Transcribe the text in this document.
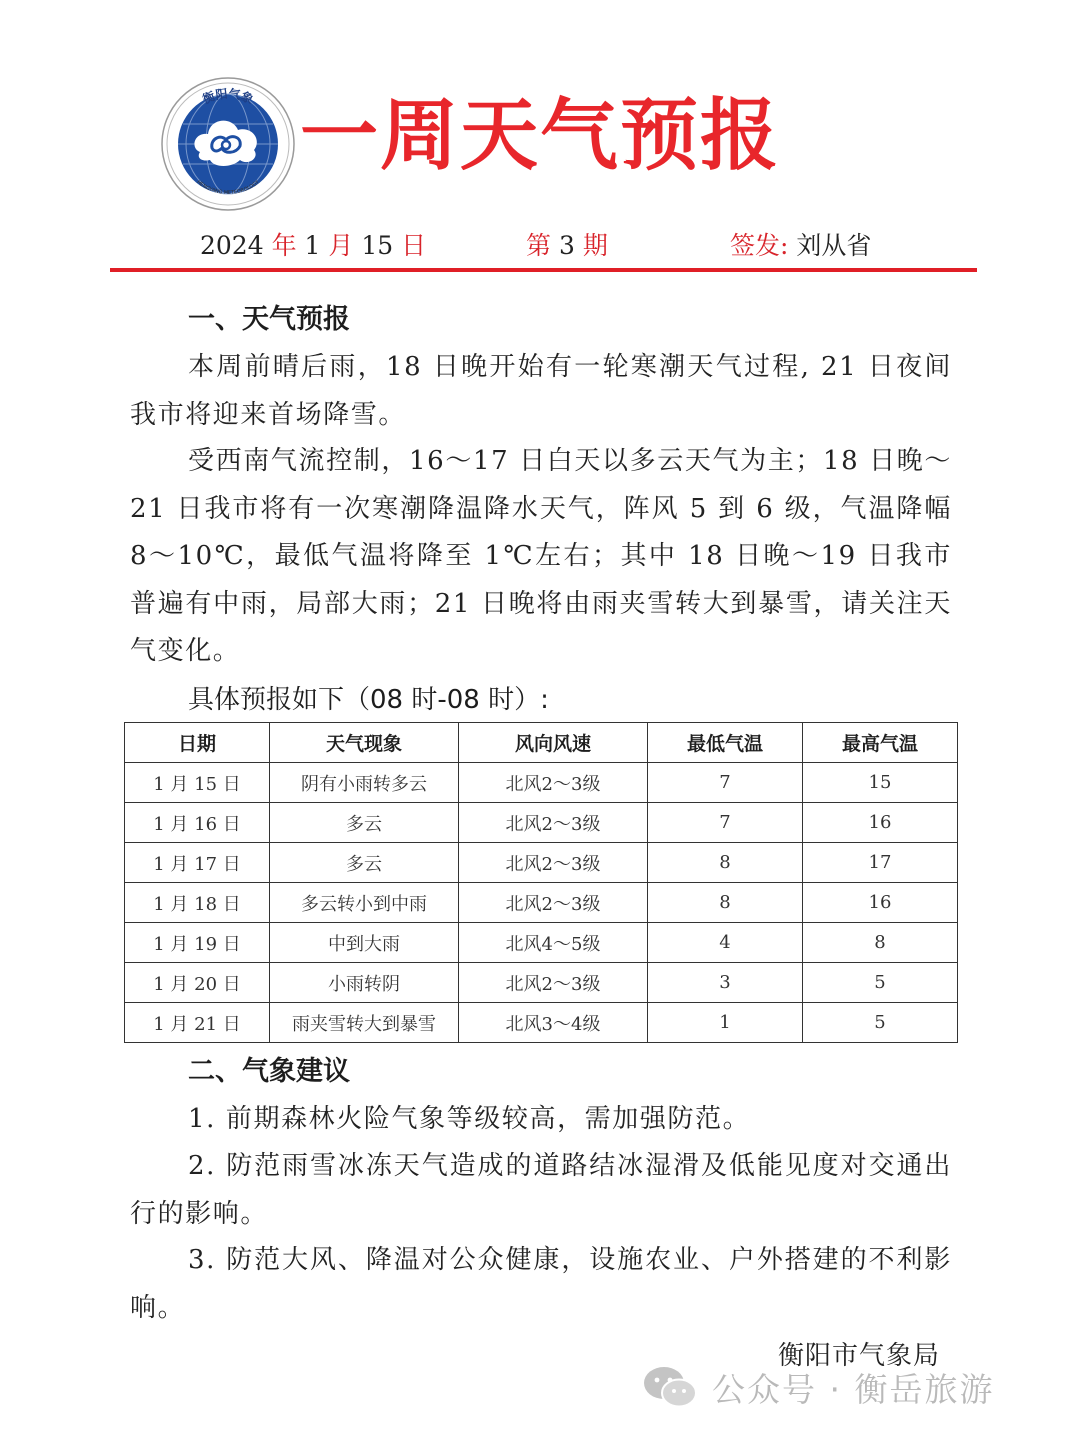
衡阳气象
HENGYANG METEOROLOGY
一周天气预报
2024 年 1 月 15 日	第 3 期	签发: 刘从省
一、天气预报
本周前晴后雨，18 日晚开始有一轮寒潮天气过程, 21 日夜间我市将迎来首场降雪。
受西南气流控制，16～17 日白天以多云天气为主；18 日晚～21 日我市将有一次寒潮降温降水天气，阵风 5 到 6 级，气温降幅 8～10℃，最低气温将降至 1℃左右；其中 18 日晚～19 日我市普遍有中雨，局部大雨；21 日晚将由雨夹雪转大到暴雪，请关注天气变化。
具体预报如下（08 时-08 时）:
日期	天气现象	风向风速	最低气温	最高气温
1 月 15 日	阴有小雨转多云	北风2～3级	7	15
1 月 16 日	多云	北风2～3级	7	16
1 月 17 日	多云	北风2～3级	8	17
1 月 18 日	多云转小到中雨	北风2～3级	8	16
1 月 19 日	中到大雨	北风4～5级	4	8
1 月 20 日	小雨转阴	北风2～3级	3	5
1 月 21 日	雨夹雪转大到暴雪	北风3～4级	1	5
二、气象建议
1. 前期森林火险气象等级较高，需加强防范。
2. 防范雨雪冰冻天气造成的道路结冰湿滑及低能见度对交通出行的影响。
3. 防范大风、降温对公众健康，设施农业、户外搭建的不利影响。
衡阳市气象局
公众号 · 衡岳旅游
